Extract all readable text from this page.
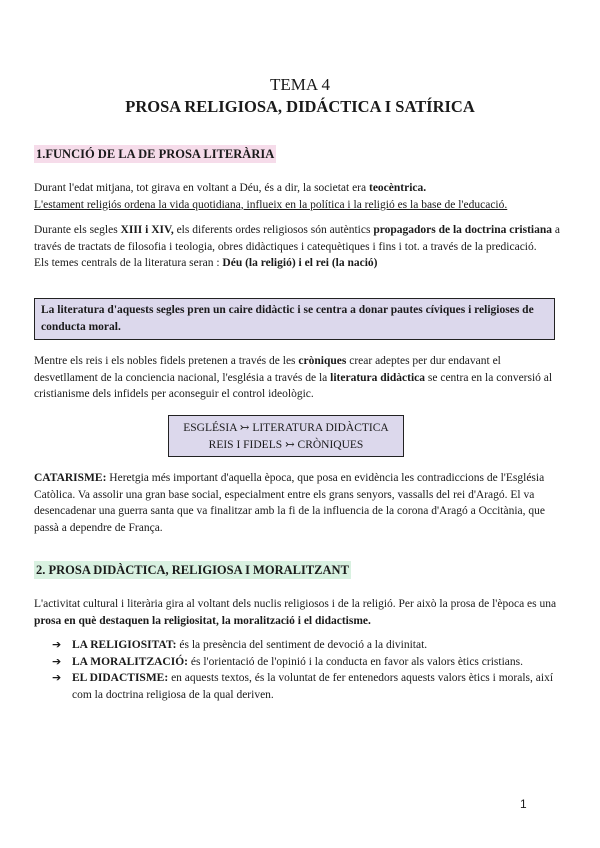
TEMA 4
PROSA RELIGIOSA, DIDÁCTICA I SATÍRICA
1.FUNCIÓ DE LA DE PROSA LITERÀRIA
Durant l'edat mitjana, tot girava en voltant a Déu, és a dir, la societat era teocèntrica.
L'estament religiós ordena la vida quotidiana, influeix en la política i la religió es la base de l'educació.
Durante els segles XIII i XIV, els diferents ordes religiosos són autèntics propagadors de la doctrina cristiana a través de tractats de filosofia i teologia, obres didàctiques i catequètiques i fins i tot. a través de la predicació.
Els temes centrals de la literatura seran : Déu (la religió) i el rei (la nació)
La literatura d'aquests segles pren un caire didàctic i se centra a donar pautes cíviques i religioses de conducta moral.
Mentre els reis i els nobles fidels pretenen a través de les cròniques crear adeptes per dur endavant el desvetllament de la conciencia nacional, l'església a través de la literatura didàctica se centra en la conversió al cristianisme dels infidels per aconseguir el control ideològic.
ESGLÉSIA ↣ LITERATURA DIDÀCTICA
REIS I FIDELS ↣ CRÒNIQUES
CATARISME: Heretgia més important d'aquella època, que posa en evidència les contradiccions de l'Església Catòlica. Va assolir una gran base social, especialment entre els grans senyors, vassalls del rei d'Aragó. El va desencadenar una guerra santa que va finalitzar amb la fi de la influencia de la corona d'Aragó a Occitània, que passà a dependre de França.
2. PROSA DIDÀCTICA, RELIGIOSA I MORALITZANT
L'activitat cultural i literària gira al voltant dels nuclis religiosos i de la religió. Per això la prosa de l'època es una prosa en què destaquen la religiositat, la moralització i el didactisme.
➔ LA RELIGIOSITAT: és la presència del sentiment de devoció a la divinitat.
➔ LA MORALITZACIÓ: és l'orientació de l'opinió i la conducta en favor als valors ètics cristians.
➔ EL DIDACTISME: en aquests textos, és la voluntat de fer entenedors aquests valors ètics i morals, així com la doctrina religiosa de la qual deriven.
1
